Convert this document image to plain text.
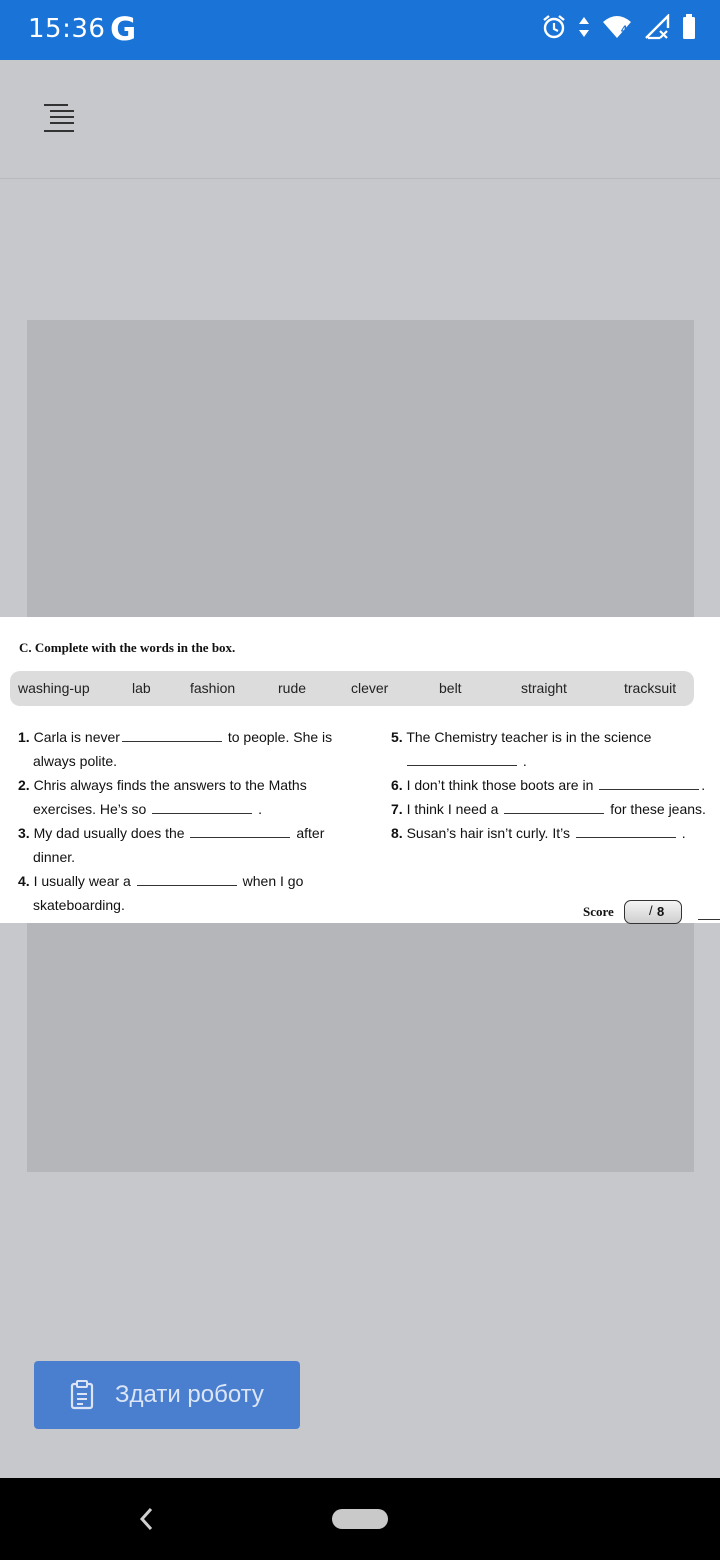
15:36 G	4
C. Complete with the words in the box.
washing-up	lab	fashion	rude	clever	belt	straight	tracksuit
1. Carla is never	to people. She is
always polite.
2. Chris always finds the answers to the Maths
exercises. He’s so	.
3. My dad usually does the	after
dinner.
4. I usually wear a	when I go
skateboarding.
5. The Chemistry teacher is in the science
.
6. I don’t think those boots are in	.
7. I think I need a	for these jeans.
8. Susan’s hair isn’t curly. It’s	.
Score	/ 8
Здати роботу
